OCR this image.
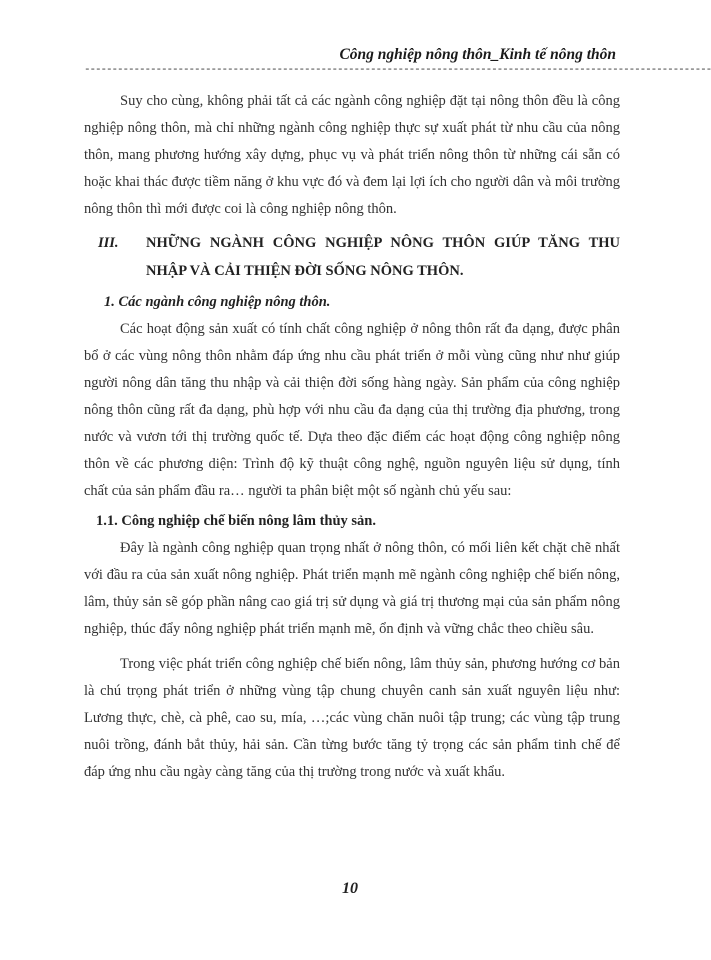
Công nghiệp nông thôn_Kinh tế nông thôn
------------------------------------------------------------------------------------------------------------------

Suy cho cùng, không phải tất cả các ngành công nghiệp đặt tại nông thôn đều là công nghiệp nông thôn, mà chỉ những ngành công nghiệp thực sự xuất phát từ nhu cầu của nông thôn, mang phương hướng xây dựng, phục vụ và phát triển nông thôn từ những cái sẵn có hoặc khai thác được tiềm năng ở khu vực đó và đem lại lợi ích cho người dân và môi trường nông thôn thì mới được coi là công nghiệp nông thôn.

III.	NHỮNG NGÀNH CÔNG NGHIỆP NÔNG THÔN GIÚP TĂNG THU NHẬP VÀ CẢI THIỆN ĐỜI SỐNG NÔNG THÔN.
1. Các ngành công nghiệp nông thôn.

Các hoạt động sản xuất có tính chất công nghiệp ở nông thôn rất đa dạng, được phân bổ ở các vùng nông thôn nhằm đáp ứng nhu cầu phát triển ở mỗi vùng cũng như như giúp người nông dân tăng thu nhập và cải thiện đời sống hàng ngày. Sản phẩm của công nghiệp nông thôn cũng rất đa dạng, phù hợp với nhu cầu đa dạng của thị trường địa phương, trong nước và vươn tới thị trường quốc tế. Dựa theo đặc điểm các hoạt động công nghiệp nông thôn về các phương diện: Trình độ kỹ thuật công nghệ, nguồn nguyên liệu sử dụng, tính chất của sản phẩm đầu ra… người ta phân biệt một số ngành chủ yếu sau:

1.1. Công nghiệp chế biến nông lâm thủy sản.

Đây là ngành công nghiệp quan trọng nhất ở nông thôn, có mối liên kết chặt chẽ nhất với đầu ra của sản xuất nông nghiệp. Phát triển mạnh mẽ ngành công nghiệp chế biến nông, lâm, thủy sản sẽ góp phần nâng cao giá trị sử dụng và giá trị thương mại của sản phẩm nông nghiệp, thúc đẩy nông nghiệp phát triển mạnh mẽ, ổn định và vững chắc theo chiều sâu.

Trong việc phát triển công nghiệp chế biến nông, lâm thủy sản, phương hướng cơ bản là chú trọng phát triển ở những vùng tập chung chuyên canh sản xuất nguyên liệu như: Lương thực, chè, cà phê, cao su, mía, …;các vùng chăn nuôi tập trung; các vùng tập trung nuôi trồng, đánh bắt thủy, hải sản. Cần từng bước tăng tỷ trọng các sản phẩm tinh chế để đáp ứng nhu cầu ngày càng tăng của thị trường trong nước và xuất khẩu.

10
